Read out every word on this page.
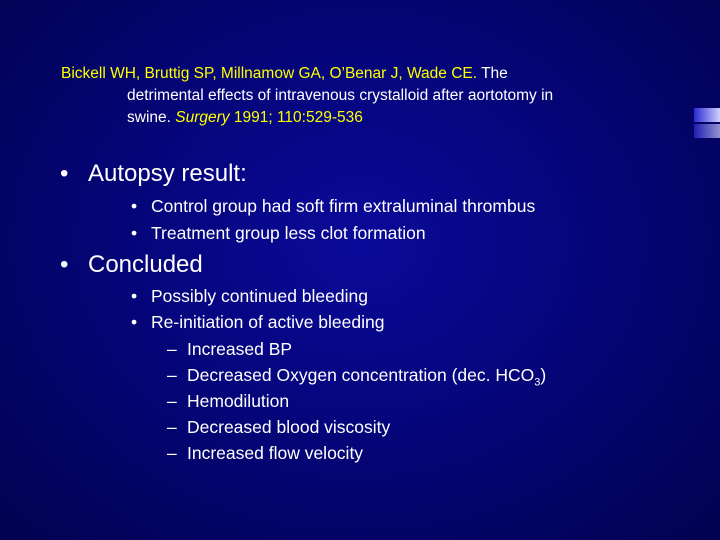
Bickell WH, Bruttig SP, Millnamow GA, O’Benar J, Wade CE. The
detrimental effects of intravenous crystalloid after aortotomy in
swine. Surgery 1991; 110:529-536
• Autopsy result:
• Control group had soft firm extraluminal thrombus
• Treatment group less clot formation
• Concluded
• Possibly continued bleeding
• Re-initiation of active bleeding
– Increased BP
– Decreased Oxygen concentration (dec. $HCO_3$)
– Hemodilution
– Decreased blood viscosity
– Increased flow velocity
